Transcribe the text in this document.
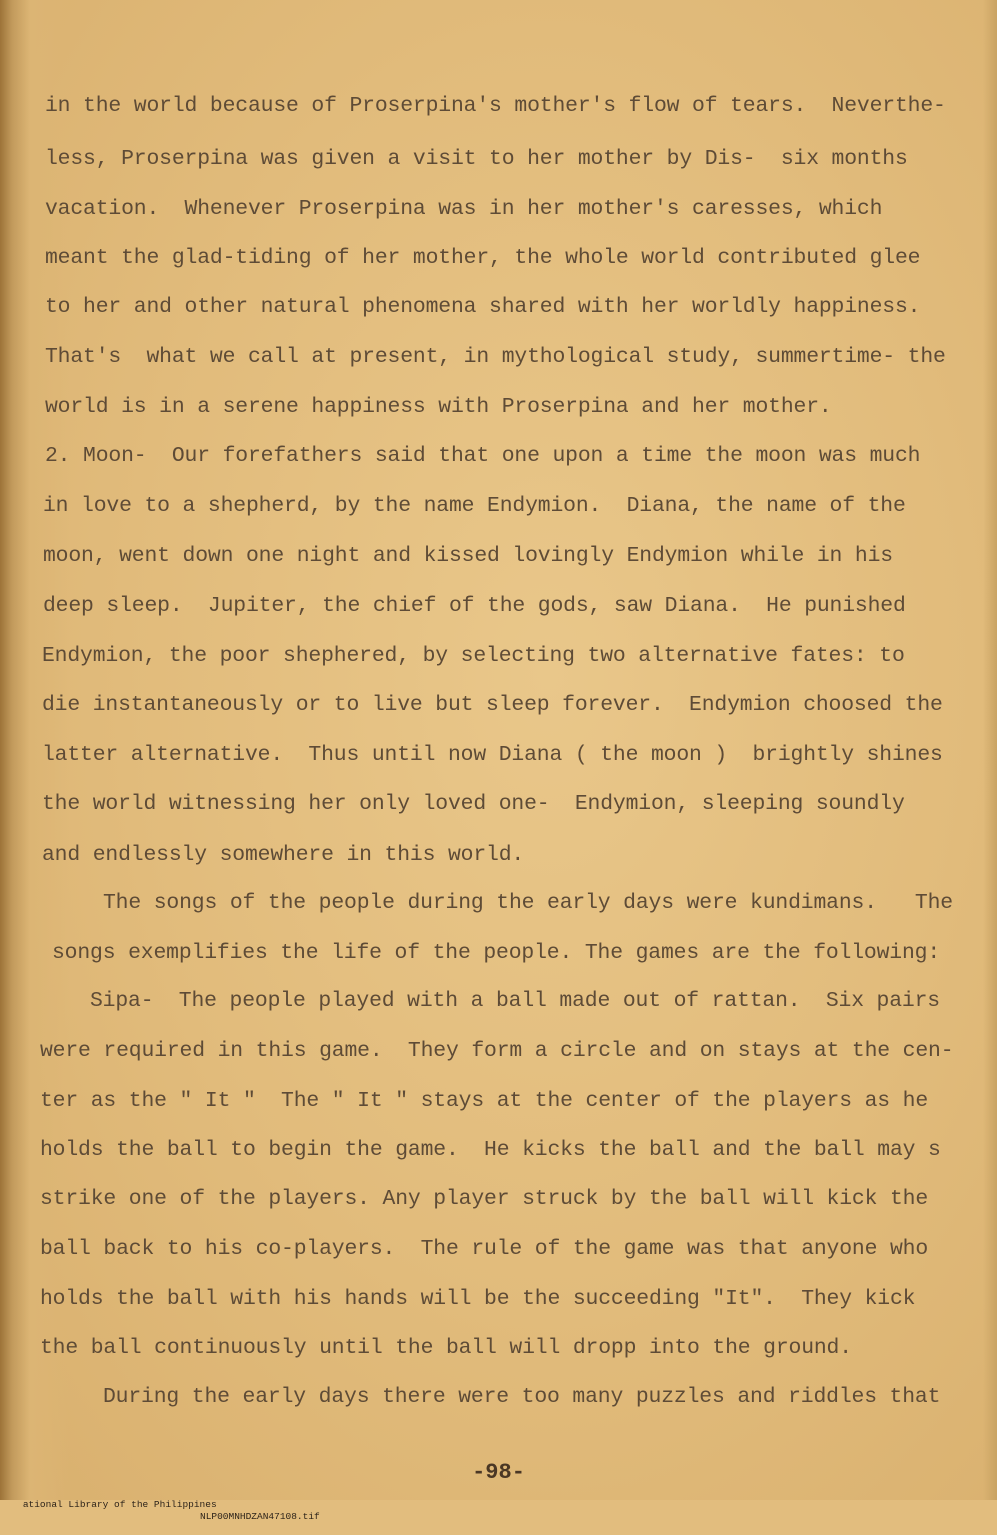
in the world because of Proserpina's mother's flow of tears.  Neverthe-
less, Proserpina was given a visit to her mother by Dis-  six months
vacation.  Whenever Proserpina was in her mother's caresses, which
meant the glad-tiding of her mother, the whole world contributed glee
to her and other natural phenomena shared with her worldly happiness.
That's  what we call at present, in mythological study, summertime- the
world is in a serene happiness with Proserpina and her mother.
2. Moon-  Our forefathers said that one upon a time the moon was much
in love to a shepherd, by the name Endymion.  Diana, the name of the
moon, went down one night and kissed lovingly Endymion while in his
deep sleep.  Jupiter, the chief of the gods, saw Diana.  He punished
Endymion, the poor shephered, by selecting two alternative fates: to
die instantaneously or to live but sleep forever.  Endymion choosed the
latter alternative.  Thus until now Diana ( the moon )  brightly shines
the world witnessing her only loved one-  Endymion, sleeping soundly
and endlessly somewhere in this world.
The songs of the people during the early days were kundimans.   The
songs exemplifies the life of the people. The games are the following:
Sipa-  The people played with a ball made out of rattan.  Six pairs
were required in this game.  They form a circle and on stays at the cen-
ter as the " It "  The " It " stays at the center of the players as he
holds the ball to begin the game.  He kicks the ball and the ball may s
strike one of the players. Any player struck by the ball will kick the
ball back to his co-players.  The rule of the game was that anyone who
holds the ball with his hands will be the succeeding "It".  They kick
the ball continuously until the ball will dropp into the ground.
During the early days there were too many puzzles and riddles that
-98-

ational Library of the Philippines

NLP00MNHDZAN47108.tif
